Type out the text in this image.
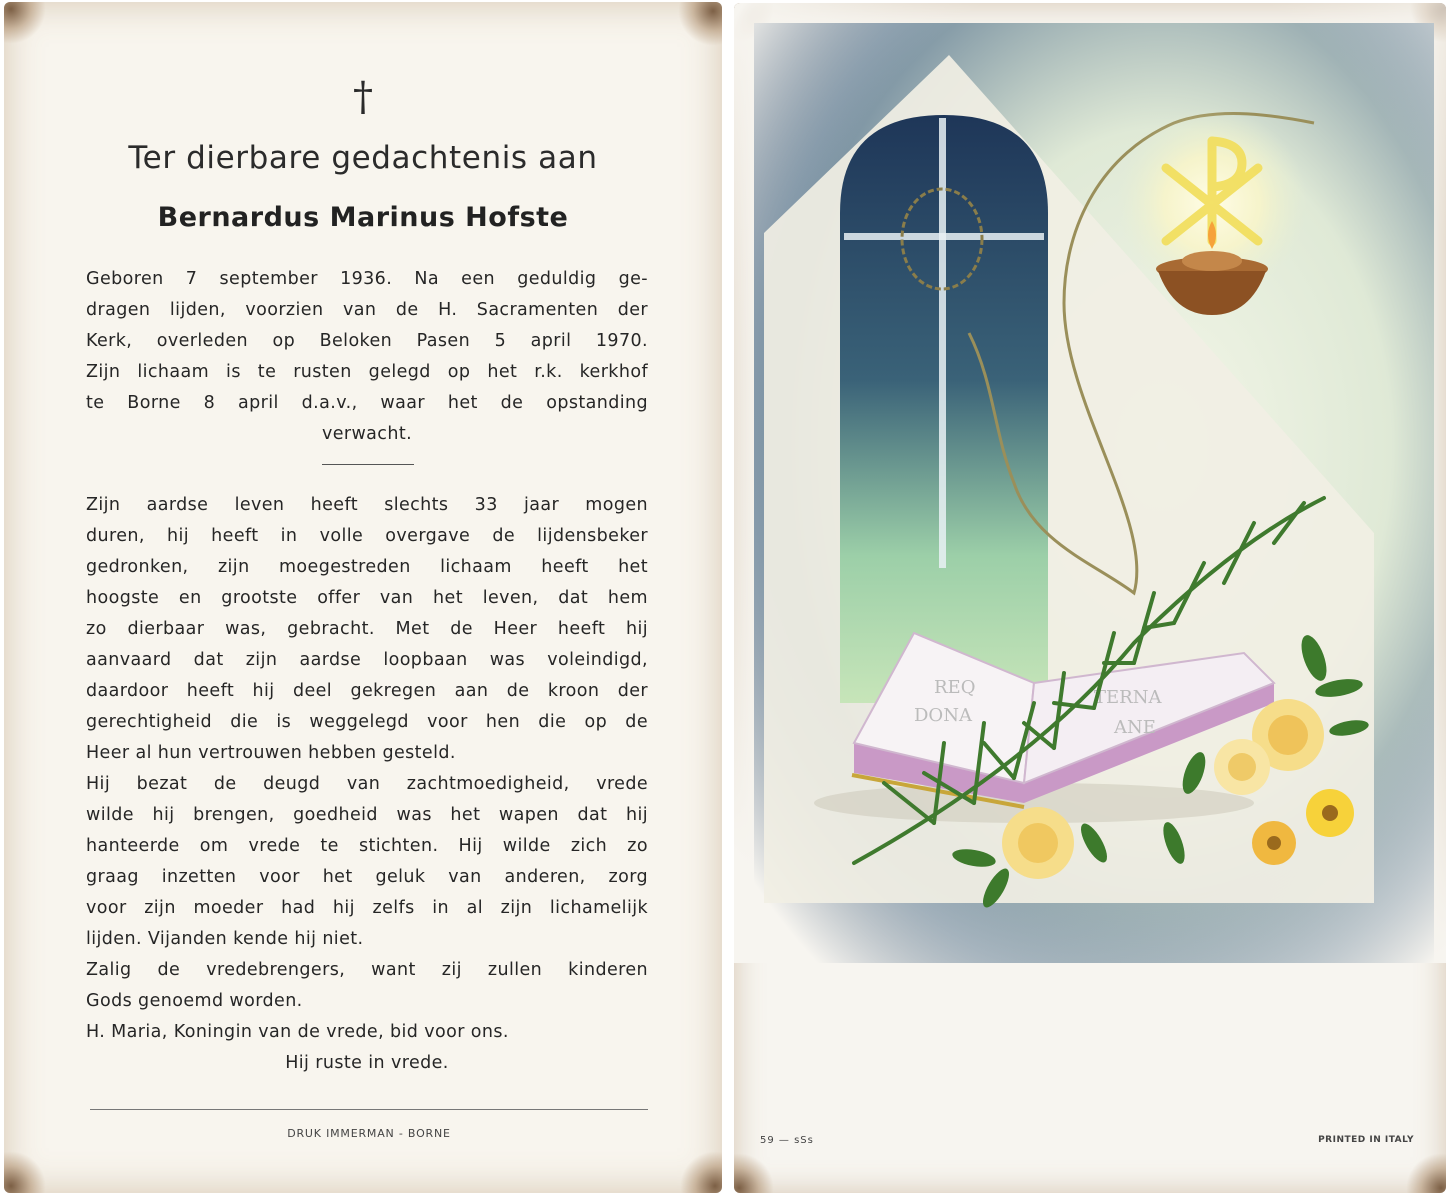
†
Ter dierbare gedachtenis aan
Bernardus Marinus Hofste
Geboren 7 september 1936. Na een geduldig ge-
dragen lijden, voorzien van de H. Sacramenten der
Kerk, overleden op Beloken Pasen 5 april 1970.
Zijn lichaam is te rusten gelegd op het r.k. kerkhof
te Borne 8 april d.a.v., waar het de opstanding
verwacht.
Zijn aardse leven heeft slechts 33 jaar mogen
duren, hij heeft in volle overgave de lijdensbeker
gedronken, zijn moegestreden lichaam heeft het
hoogste en grootste offer van het leven, dat hem
zo dierbaar was, gebracht. Met de Heer heeft hij
aanvaard dat zijn aardse loopbaan was voleindigd,
daardoor heeft hij deel gekregen aan de kroon der
gerechtigheid die is weggelegd voor hen die op de
Heer al hun vertrouwen hebben gesteld.
Hij bezat de deugd van zachtmoedigheid, vrede
wilde hij brengen, goedheid was het wapen dat hij
hanteerde om vrede te stichten. Hij wilde zich zo
graag inzetten voor het geluk van anderen, zorg
voor zijn moeder had hij zelfs in al zijn lichamelijk
lijden. Vijanden kende hij niet.
Zalig de vredebrengers, want zij zullen kinderen
Gods genoemd worden.
H. Maria, Koningin van de vrede, bid voor ons.
Hij ruste in vrede.
DRUK IMMERMAN - BORNE
REQ
DONA
TERNA
ANE
59 — sSs	PRINTED IN ITALY
